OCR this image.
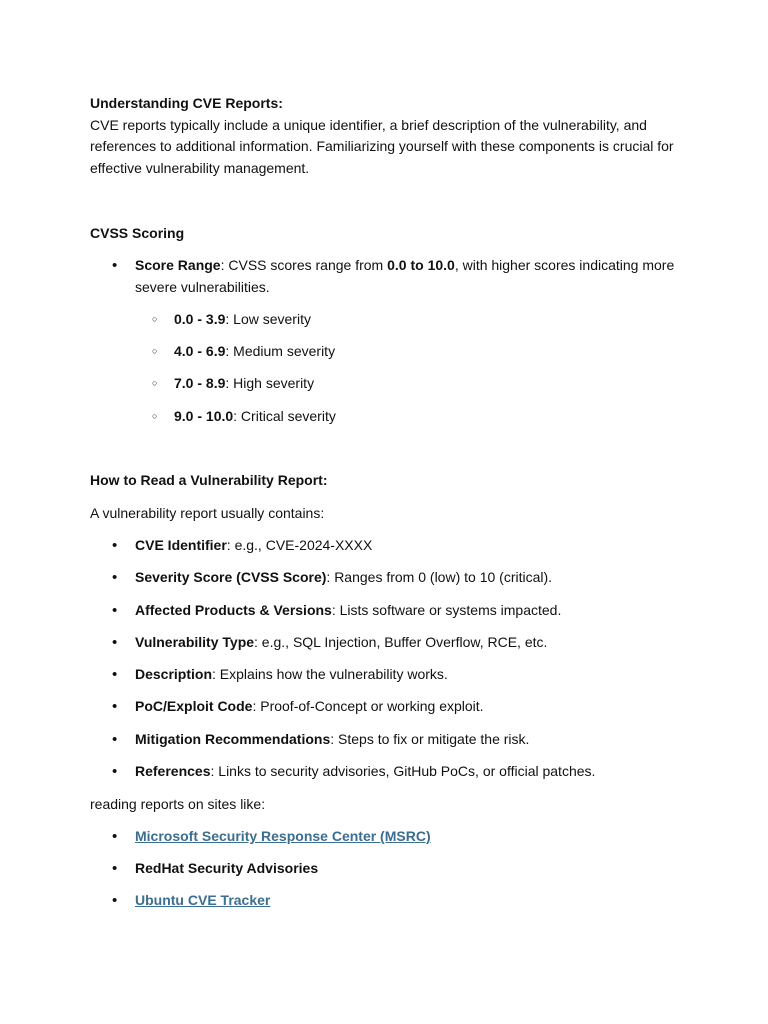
Understanding CVE Reports:

CVE reports typically include a unique identifier, a brief description of the vulnerability, and references to additional information. Familiarizing yourself with these components is crucial for effective vulnerability management.

CVSS Scoring

• Score Range: CVSS scores range from 0.0 to 10.0, with higher scores indicating more severe vulnerabilities.
○ 0.0 - 3.9: Low severity
○ 4.0 - 6.9: Medium severity
○ 7.0 - 8.9: High severity
○ 9.0 - 10.0: Critical severity

How to Read a Vulnerability Report:

A vulnerability report usually contains:

• CVE Identifier: e.g., CVE-2024-XXXX
• Severity Score (CVSS Score): Ranges from 0 (low) to 10 (critical).
• Affected Products & Versions: Lists software or systems impacted.
• Vulnerability Type: e.g., SQL Injection, Buffer Overflow, RCE, etc.
• Description: Explains how the vulnerability works.
• PoC/Exploit Code: Proof-of-Concept or working exploit.
• Mitigation Recommendations: Steps to fix or mitigate the risk.
• References: Links to security advisories, GitHub PoCs, or official patches.

reading reports on sites like:

• Microsoft Security Response Center (MSRC)
• RedHat Security Advisories
• Ubuntu CVE Tracker
